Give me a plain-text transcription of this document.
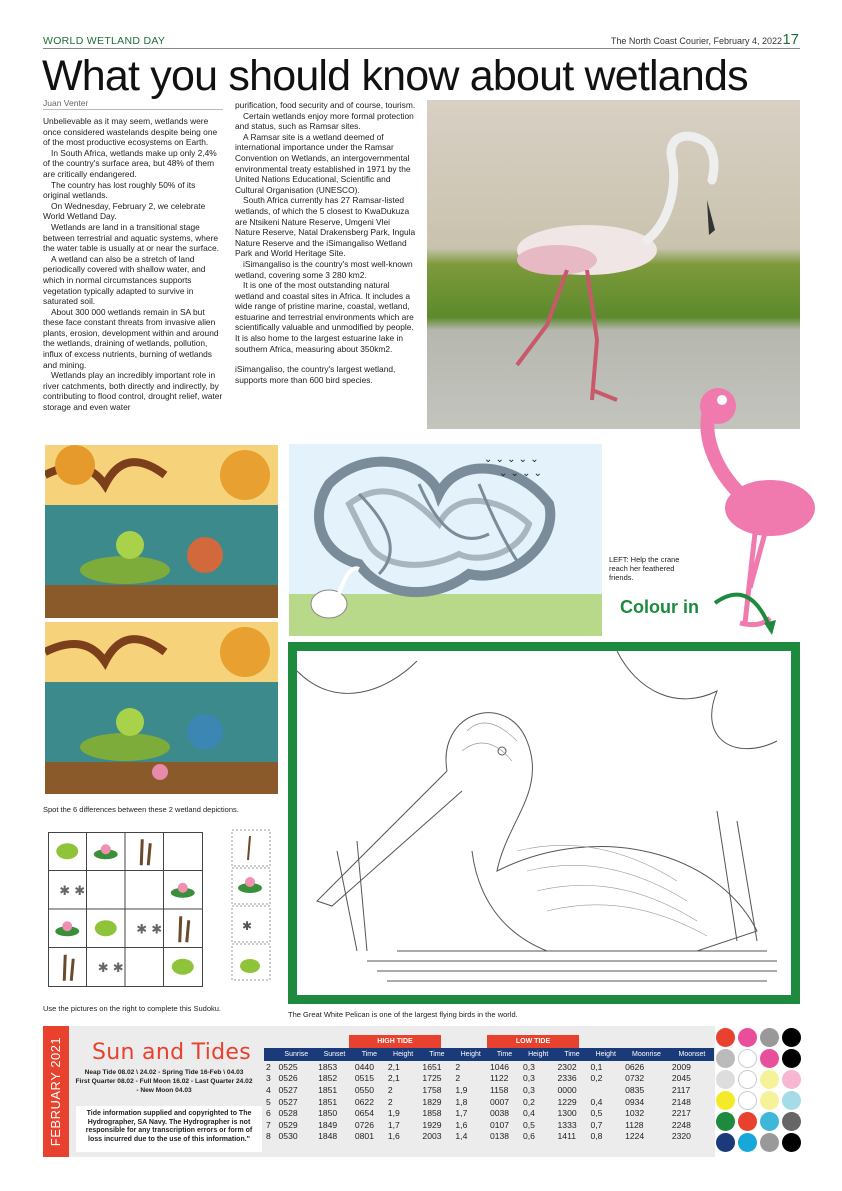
WORLD WETLAND DAY	The North Coast Courier, February 4, 2022 17
What you should know about wetlands
Juan Venter

Unbelievable as it may seem, wetlands were once considered wastelands despite being one of the most productive ecosystems on Earth.

In South Africa, wetlands make up only 2,4% of the country's surface area, but 48% of them are critically endangered.

The country has lost roughly 50% of its original wetlands.

On Wednesday, February 2, we celebrate World Wetland Day.

Wetlands are land in a transitional stage between terrestrial and aquatic systems, where the water table is usually at or near the surface.

A wetland can also be a stretch of land periodically covered with shallow water, and which in normal circumstances supports vegetation typically adapted to survive in saturated soil.

About 300 000 wetlands remain in SA but these face constant threats from invasive alien plants, erosion, development within and around the wetlands, draining of wetlands, pollution, influx of excess nutrients, burning of wetlands and mining.

Wetlands play an incredibly important role in river catchments, both directly and indirectly, by contributing to flood control, drought relief, water storage and even water

purification, food security and of course, tourism.

Certain wetlands enjoy more formal protection and status, such as Ramsar sites.

A Ramsar site is a wetland deemed of international importance under the Ramsar Convention on Wetlands, an intergovernmental environmental treaty established in 1971 by the United Nations Educational, Scientific and Cultural Organisation (UNESCO).

South Africa currently has 27 Ramsar-listed wetlands, of which the 5 closest to KwaDukuza are Ntsikeni Nature Reserve, Umgeni Vlei Nature Reserve, Natal Drakensberg Park, Ingula Nature Reserve and the iSimangaliso Wetland Park and World Heritage Site.

iSimangaliso is the country's most well-known wetland, covering some 3 280 km2.

It is one of the most outstanding natural wetland and coastal sites in Africa. It includes a wide range of pristine marine, coastal, wetland, estuarine and terrestrial environments which are scientifically valuable and unmodified by people. It is also home to the largest estuarine lake in southern Africa, measuring about 350km2.

iSimangaliso, the country's largest wetland, supports more than 600 bird species.

Spot the 6 differences between these 2 wetland depictions.
⌄ ⌄ ⌄ ⌄ ⌄
⌄ ⌄ ⌄ ⌄
LEFT: Help the crane reach her feathered friends.
Colour in
The Great White Pelican is one of the largest flying birds in the world.
✱ ✱
✱ ✱
✱ ✱
✱
Use the pictures on the right to complete this Sudoku.
FEBRUARY 2021 Sun and Tides
Neap Tide 08.02 \ 24.02 - Spring Tide 16-Feb \ 04.03
First Quarter 08.02 - Full Moon 16.02 - Last Quarter 24.02
- New Moon 04.03
Tide information supplied and copyrighted to The Hydrographer, SA Navy. The Hydrographer is not responsible for any transcription errors or form of loss incurred due to the use of this information."
HIGH TIDE	LOW TIDE
	Sunrise	Sunset	Time	Height	Time	Height	Time	Height	Time	Height	Moonrise	Moonset
2	0525	1853	0440	2,1	1651	2	1046	0,3	2302	0,1	0626	2009
3	0526	1852	0515	2,1	1725	2	1122	0,3	2336	0,2	0732	2045
4	0527	1851	0550	2	1758	1,9	1158	0,3	0000		0835	2117
5	0527	1851	0622	2	1829	1,8	0007	0,2	1229	0,4	0934	2148
6	0528	1850	0654	1,9	1858	1,7	0038	0,4	1300	0,5	1032	2217
7	0529	1849	0726	1,7	1929	1,6	0107	0,5	1333	0,7	1128	2248
8	0530	1848	0801	1,6	2003	1,4	0138	0,6	1411	0,8	1224	2320
